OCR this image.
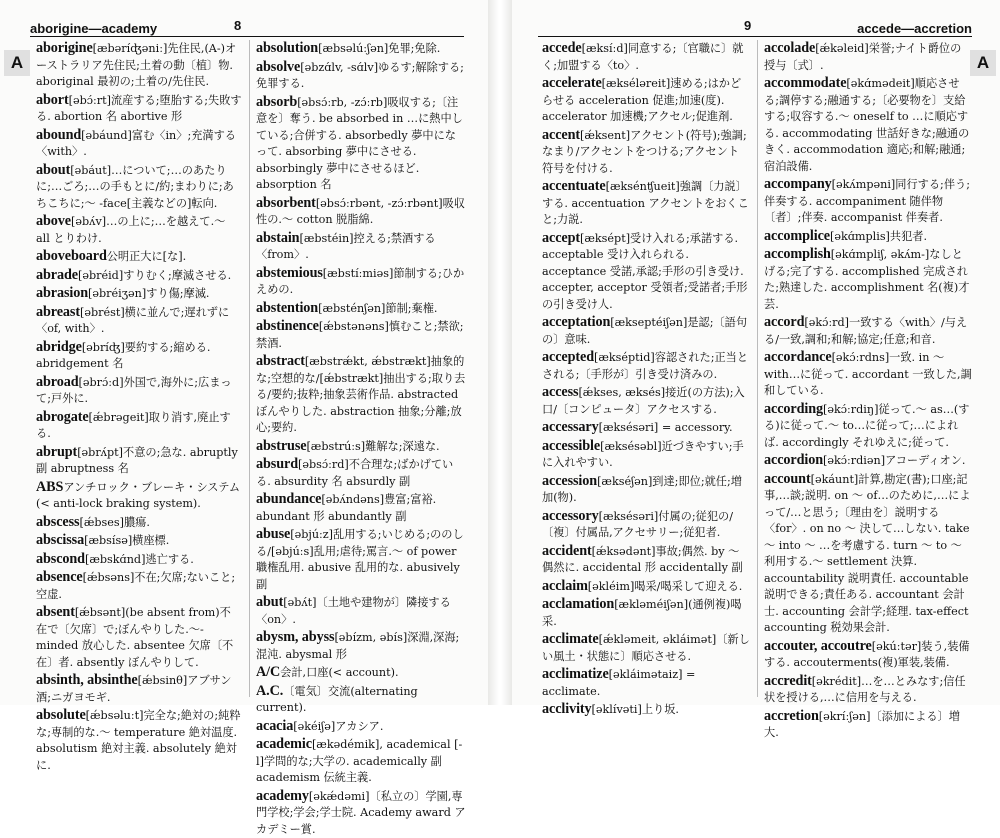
aborigine—academy	8
A
aborigine[æbəríʤəniː]先住民,(A-)オーストラリア先住民;土着の動〔植〕物. aboriginal 最初の;土着の/先住民.
abort[əbɔ́ːrt]流産する;堕胎する;失敗する. abortion 名 abortive 形
abound[əbáund]富む〈in〉;充満する〈with〉.
about[əbáut]…について;…のあたりに;…ごろ;…の手もとに/約;まわりに;あちこちに;～ -face[主義などの]転向.
above[əbʌ́v]…の上に;…を越えて.～ all とりわけ.
aboveboard公明正大に[な].
abrade[əbréid]すりむく;摩滅させる.
abrasion[əbréiʒən]すり傷;摩滅.
abreast[əbrést]横に並んで;遅れずに〈of, with〉.
abridge[əbríʤ]要約する;縮める. abridgement 名
abroad[əbrɔ́ːd]外国で,海外に;広まって;戸外に.
abrogate[ǽbrəgeit]取り消す,廃止する.
abrupt[əbrʌ́pt]不意の;急な. abruptly 副 abruptness 名
ABSアンチロック・ブレーキ・システム(< anti-lock braking system).
abscess[ǽbses]膿瘍.
abscissa[æbsísə]横座標.
abscond[æbskɑ́nd]逃亡する.
absence[ǽbsəns]不在;欠席;ないこと;空虚.
absent[ǽbsənt](be absent from)不在で〔欠席〕で;ぼんやりした.～-minded 放心した. absentee 欠席〔不在〕者. absently ぼんやりして.
absinth, absinthe[ǽbsinθ]アブサン酒;ニガヨモギ.
absolute[ǽbsəluːt]完全な;絶対の;純粋な;専制的な.～ temperature 絶対温度. absolutism 絶対主義. absolutely 絶対に.
absolution[æbsəlúːʃən]免罪;免除.
absolve[əbzɑ́lv, -sɑ́lv]ゆるす;解除する;免罪する.
absorb[əbsɔ́ːrb, -zɔ́ːrb]吸収する;〔注意を〕奪う. be absorbed in …に熱中している;合併する. absorbedly 夢中になって. absorbing 夢中にさせる. absorbingly 夢中にさせるほど. absorption 名
absorbent[əbsɔ́ːrbənt, -zɔ́ːrbənt]吸収性の.～ cotton 脱脂綿.
abstain[æbstéin]控える;禁酒する〈from〉.
abstemious[æbstíːmiəs]節制する;ひかえめの.
abstention[æbsténʃən]節制;棄権.
abstinence[ǽbstənəns]慎むこと;禁欲;禁酒.
abstract[æbstrǽkt, ǽbstrækt]抽象的な;空想的な/[ǽbstrækt]抽出する;取り去る/要約;抜粋;抽象芸術作品. abstracted ぼんやりした. abstraction 抽象;分離;放心;要約.
abstruse[æbstrúːs]難解な;深遠な.
absurd[əbsɔ́ːrd]不合理な;ばかげている. absurdity 名 absurdly 副
abundance[əbʌ́ndəns]豊富;富裕. abundant 形 abundantly 副
abuse[əbjúːz]乱用する;いじめる;ののしる/[əbjúːs]乱用;虐待;罵言.～ of power 職権乱用. abusive 乱用的な. abusively 副
abut[əbʌ́t]〔土地や建物が〕隣接する〈on〉.
abysm, abyss[əbízm, əbís]深淵,深海;混沌. abysmal 形
A/C会計,口座(< account).
A.C.〔電気〕交流(alternating current).
acacia[əkéiʃə]アカシア.
academic[ækədémik], academical [-l]学問的な;大学の. academically 副 academism 伝統主義.
academy[əkǽdəmi]〔私立の〕学園,専門学校;学会;学士院. Academy award アカデミー賞.
accede—accretion
9
A
accede[æksíːd]同意する;〔官職に〕就く;加盟する〈to〉.
accelerate[æksélәreit]速める;はかどらせる acceleration 促進;加速(度). accelerator 加速機;アクセル;促進剤.
accent[ǽksent]アクセント(符号);強調;なまり/アクセントをつける;アクセント符号を付ける.
accentuate[æksénʧueit]強調〔力説〕する. accentuation アクセントをおくこと;力説.
accept[æksépt]受け入れる;承諾する. acceptable 受け入れられる. acceptance 受諾,承認;手形の引き受け. accepter, acceptor 受領者;受諾者;手形の引き受け人.
acceptation[ækseptéiʃən]是認;〔語句の〕意味.
accepted[ækséptid]容認された;正当とされる;〔手形が〕引き受け済みの.
access[ǽkses, æksés]接近(の方法);入口/〔コンピュータ〕アクセスする.
accessary[æksésəri] = accessory.
accessible[æksésəbl]近づきやすい;手に入れやすい.
accession[ækséʃən]到達;即位;就任;増加(物).
accessory[æksésəri]付属の;従犯の/〔複〕付属品,アクセサリー;従犯者.
accident[ǽksədənt]事故;偶然. by ～ 偶然に. accidental 形 accidentally 副
acclaim[əkléim]喝采/喝采して迎える.
acclamation[ækləméiʃən](通例複)喝采.
acclimate[ǽkləmeit, əkláimət]〔新しい風土・状態に〕順応させる.
acclimatize[əkláimətaiz] = acclimate.
acclivity[əklívəti]上り坂.
accolade[ǽkəleid]栄誉;ナイト爵位の授与〔式〕.
accommodate[əkɑ́mədeit]順応させる;調停する;融通する;〔必要物を〕支給する;収容する.～ oneself to …に順応する. accommodating 世話好きな;融通のきく. accommodation 適応;和解;融通;宿泊設備.
accompany[əkʌ́mpəni]同行する;伴う;伴奏する. accompaniment 随伴物〔者〕;伴奏. accompanist 伴奏者.
accomplice[əkɑ́mplis]共犯者.
accomplish[əkɑ́mpliʃ, əkʌ́m-]なしとげる;完了する. accomplished 完成された;熟達した. accomplishment 名(複)才芸.
accord[əkɔ́ːrd]一致する〈with〉/与える/一致,調和;和解;協定;任意;和音.
accordance[əkɔ́ːrdns]一致. in ～ with…に従って. accordant 一致した,調和している.
according[əkɔ́ːrdiŋ]従って.～ as…(する)に従って.～ to…に従って;…によれば. accordingly それゆえに;従って.
accordion[əkɔ́ːrdiən]アコーディオン.
account[əkáunt]計算,勘定(書);口座;記事,…談;説明. on ～ of…のために,…によって/…と思う;〔理由を〕説明する〈for〉. on no ～ 決して…しない. take ～ into ～ …を考慮する. turn ～ to ～ 利用する.～ settlement 決算. accountability 説明責任. accountable 説明できる;責任ある. accountant 会計士. accounting 会計学;経理. tax-effect accounting 税効果会計.
accouter, accoutre[əkúːtər]装う,装備する. accouterments(複)軍装,装備.
accredit[əkrédit]…を…とみなす;信任状を授ける,…に信用を与える.
accretion[əkríːʃən]〔添加による〕増大.
